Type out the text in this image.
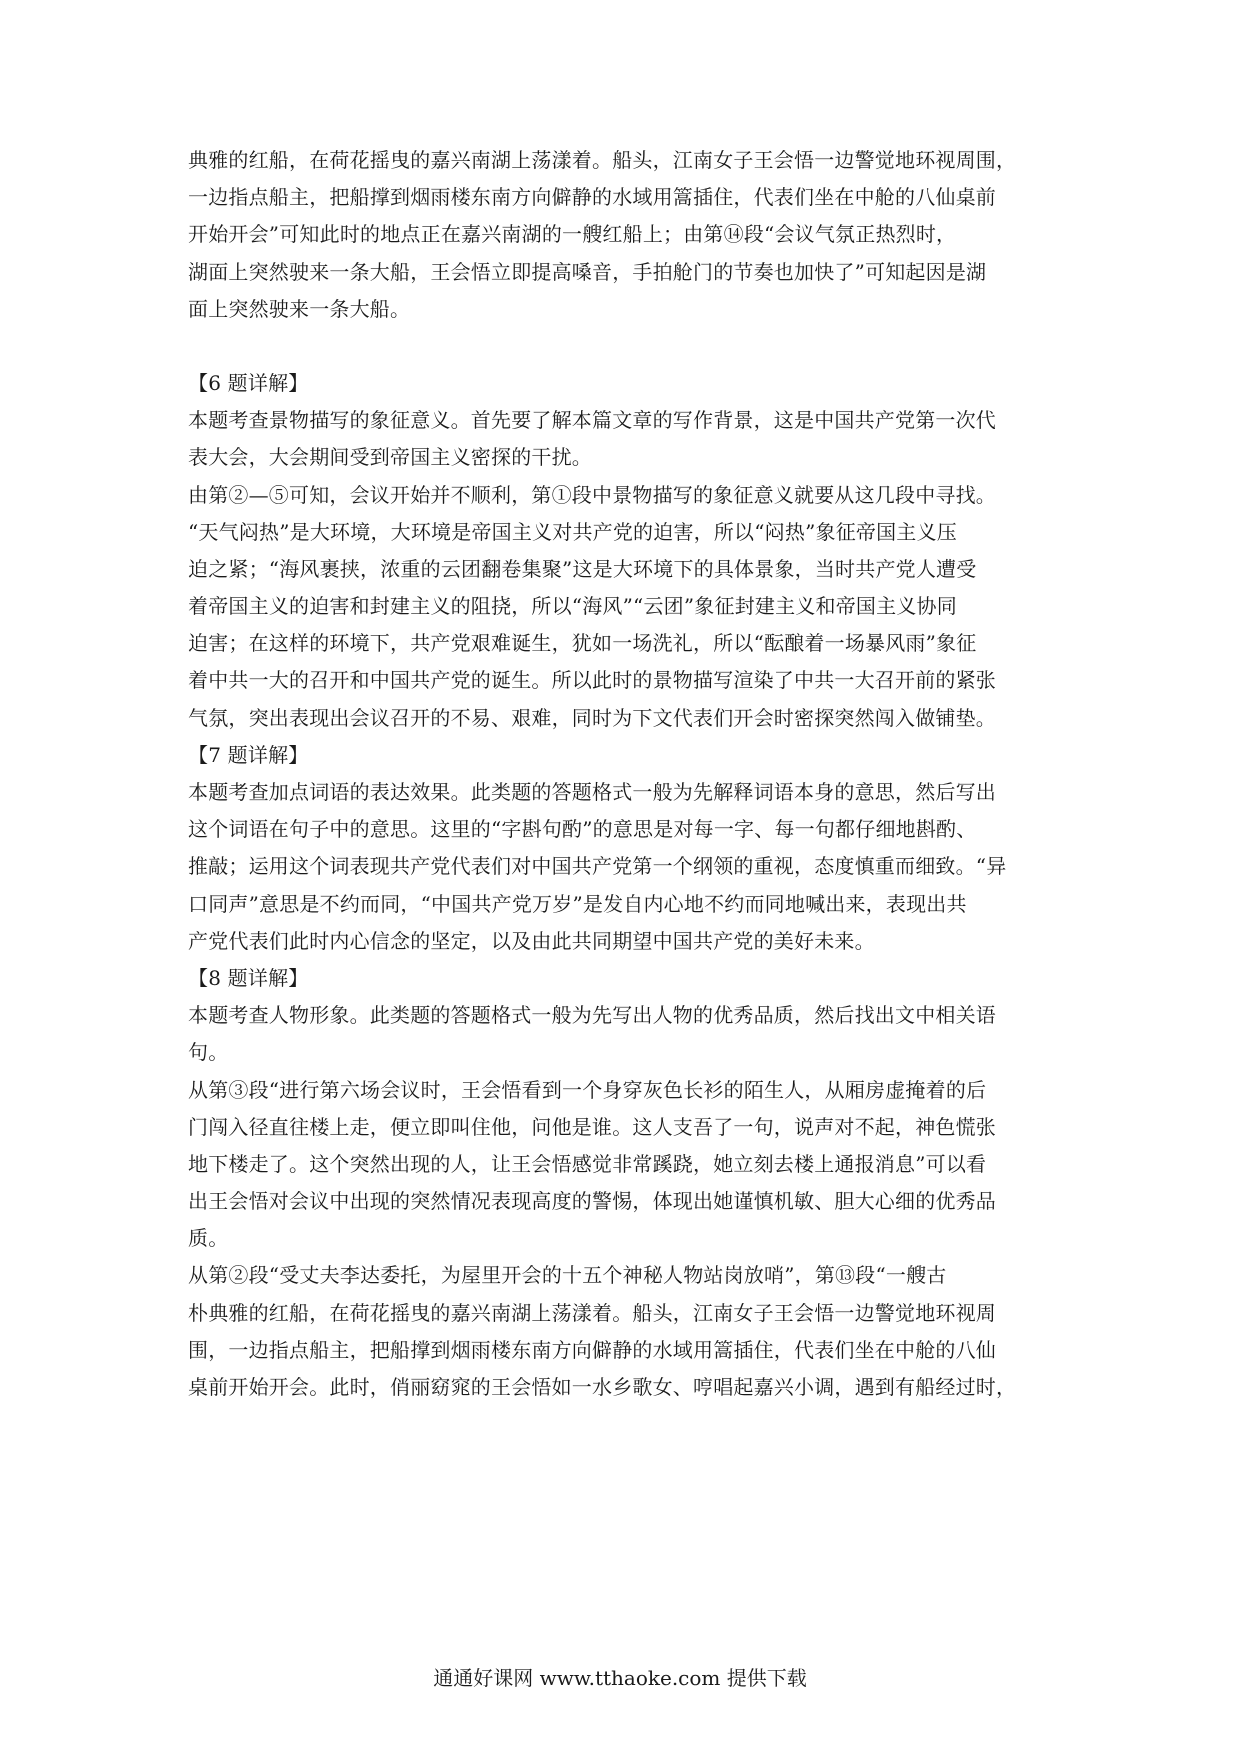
典雅的红船，在荷花摇曳的嘉兴南湖上荡漾着。船头，江南女子王会悟一边警觉地环视周围，
一边指点船主，把船撑到烟雨楼东南方向僻静的水域用篙插住，代表们坐在中舱的八仙桌前
开始开会”可知此时的地点正在嘉兴南湖的一艘红船上；由第⑭段“会议气氛正热烈时，
湖面上突然驶来一条大船，王会悟立即提高嗓音，手拍舱门的节奏也加快了”可知起因是湖
面上突然驶来一条大船。
【6 题详解】
本题考查景物描写的象征意义。首先要了解本篇文章的写作背景，这是中国共产党第一次代
表大会，大会期间受到帝国主义密探的干扰。
由第②—⑤可知，会议开始并不顺利，第①段中景物描写的象征意义就要从这几段中寻找。
“天气闷热”是大环境，大环境是帝国主义对共产党的迫害，所以“闷热”象征帝国主义压
迫之紧；“海风裹挟，浓重的云团翻卷集聚”这是大环境下的具体景象，当时共产党人遭受
着帝国主义的迫害和封建主义的阻挠，所以“海风”“云团”象征封建主义和帝国主义协同
迫害；在这样的环境下，共产党艰难诞生，犹如一场洗礼，所以“酝酿着一场暴风雨”象征
着中共一大的召开和中国共产党的诞生。所以此时的景物描写渲染了中共一大召开前的紧张
气氛，突出表现出会议召开的不易、艰难，同时为下文代表们开会时密探突然闯入做铺垫。
【7 题详解】
本题考查加点词语的表达效果。此类题的答题格式一般为先解释词语本身的意思，然后写出
这个词语在句子中的意思。这里的“字斟句酌”的意思是对每一字、每一句都仔细地斟酌、
推敲；运用这个词表现共产党代表们对中国共产党第一个纲领的重视，态度慎重而细致。“异
口同声”意思是不约而同，“中国共产党万岁”是发自内心地不约而同地喊出来，表现出共
产党代表们此时内心信念的坚定，以及由此共同期望中国共产党的美好未来。
【8 题详解】
本题考查人物形象。此类题的答题格式一般为先写出人物的优秀品质，然后找出文中相关语
句。
从第③段“进行第六场会议时，王会悟看到一个身穿灰色长衫的陌生人，从厢房虚掩着的后
门闯入径直往楼上走，便立即叫住他，问他是谁。这人支吾了一句，说声对不起，神色慌张
地下楼走了。这个突然出现的人，让王会悟感觉非常蹊跷，她立刻去楼上通报消息”可以看
出王会悟对会议中出现的突然情况表现高度的警惕，体现出她谨慎机敏、胆大心细的优秀品
质。
从第②段“受丈夫李达委托，为屋里开会的十五个神秘人物站岗放哨”，第⑬段“一艘古
朴典雅的红船，在荷花摇曳的嘉兴南湖上荡漾着。船头，江南女子王会悟一边警觉地环视周
围，一边指点船主，把船撑到烟雨楼东南方向僻静的水域用篙插住，代表们坐在中舱的八仙
桌前开始开会。此时，俏丽窈窕的王会悟如一水乡歌女、哼唱起嘉兴小调，遇到有船经过时，
通通好课网 www.tthaoke.com 提供下载
